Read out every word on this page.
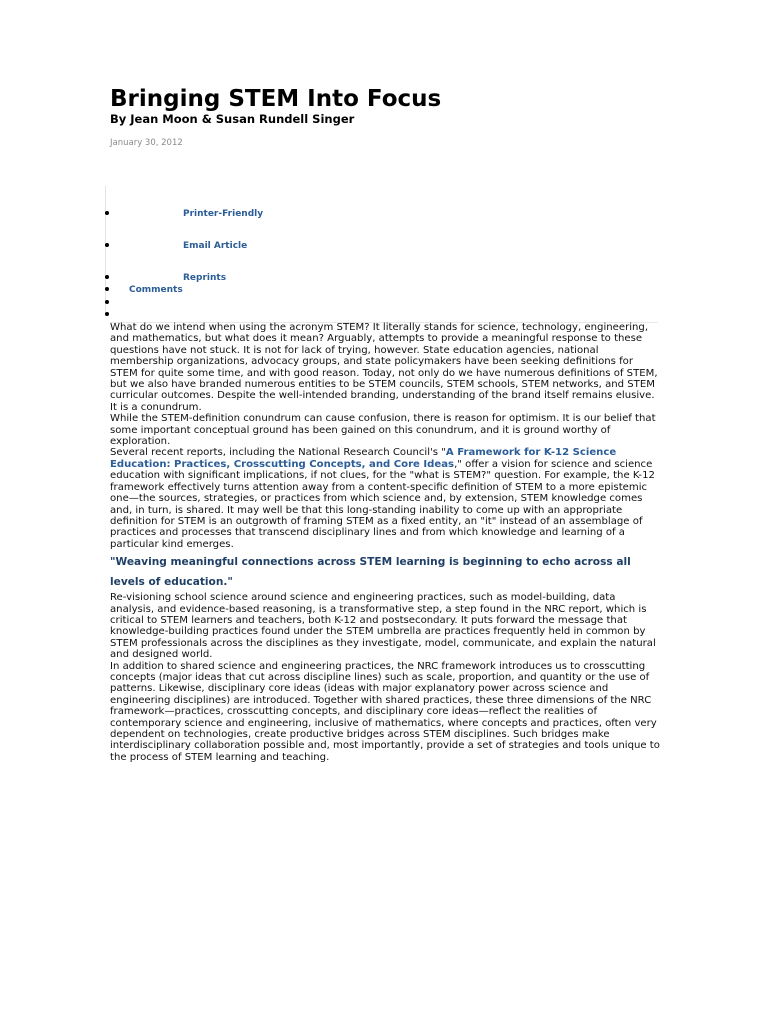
Bringing STEM Into Focus
By Jean Moon & Susan Rundell Singer
January 30, 2012
Printer-Friendly
Email Article
Reprints
Comments

What do we intend when using the acronym STEM? It literally stands for science, technology, engineering, and mathematics, but what does it mean? Arguably, attempts to provide a meaningful response to these questions have not stuck. It is not for lack of trying, however. State education agencies, national membership organizations, advocacy groups, and state policymakers have been seeking definitions for STEM for quite some time, and with good reason. Today, not only do we have numerous definitions of STEM, but we also have branded numerous entities to be STEM councils, STEM schools, STEM networks, and STEM curricular outcomes. Despite the well-intended branding, understanding of the brand itself remains elusive. It is a conundrum.

While the STEM-definition conundrum can cause confusion, there is reason for optimism. It is our belief that some important conceptual ground has been gained on this conundrum, and it is ground worthy of exploration.

Several recent reports, including the National Research Council's "A Framework for K-12 Science Education: Practices, Crosscutting Concepts, and Core Ideas," offer a vision for science and science education with significant implications, if not clues, for the "what is STEM?" question. For example, the K-12 framework effectively turns attention away from a content-specific definition of STEM to a more epistemic one—the sources, strategies, or practices from which science and, by extension, STEM knowledge comes and, in turn, is shared. It may well be that this long-standing inability to come up with an appropriate definition for STEM is an outgrowth of framing STEM as a fixed entity, an "it" instead of an assemblage of practices and processes that transcend disciplinary lines and from which knowledge and learning of a particular kind emerges.

"Weaving meaningful connections across STEM learning is beginning to echo across all levels of education."

Re-visioning school science around science and engineering practices, such as model-building, data analysis, and evidence-based reasoning, is a transformative step, a step found in the NRC report, which is critical to STEM learners and teachers, both K-12 and postsecondary. It puts forward the message that knowledge-building practices found under the STEM umbrella are practices frequently held in common by STEM professionals across the disciplines as they investigate, model, communicate, and explain the natural and designed world.

In addition to shared science and engineering practices, the NRC framework introduces us to crosscutting concepts (major ideas that cut across discipline lines) such as scale, proportion, and quantity or the use of patterns. Likewise, disciplinary core ideas (ideas with major explanatory power across science and engineering disciplines) are introduced. Together with shared practices, these three dimensions of the NRC framework—practices, crosscutting concepts, and disciplinary core ideas—reflect the realities of contemporary science and engineering, inclusive of mathematics, where concepts and practices, often very dependent on technologies, create productive bridges across STEM disciplines. Such bridges make interdisciplinary collaboration possible and, most importantly, provide a set of strategies and tools unique to the process of STEM learning and teaching.
